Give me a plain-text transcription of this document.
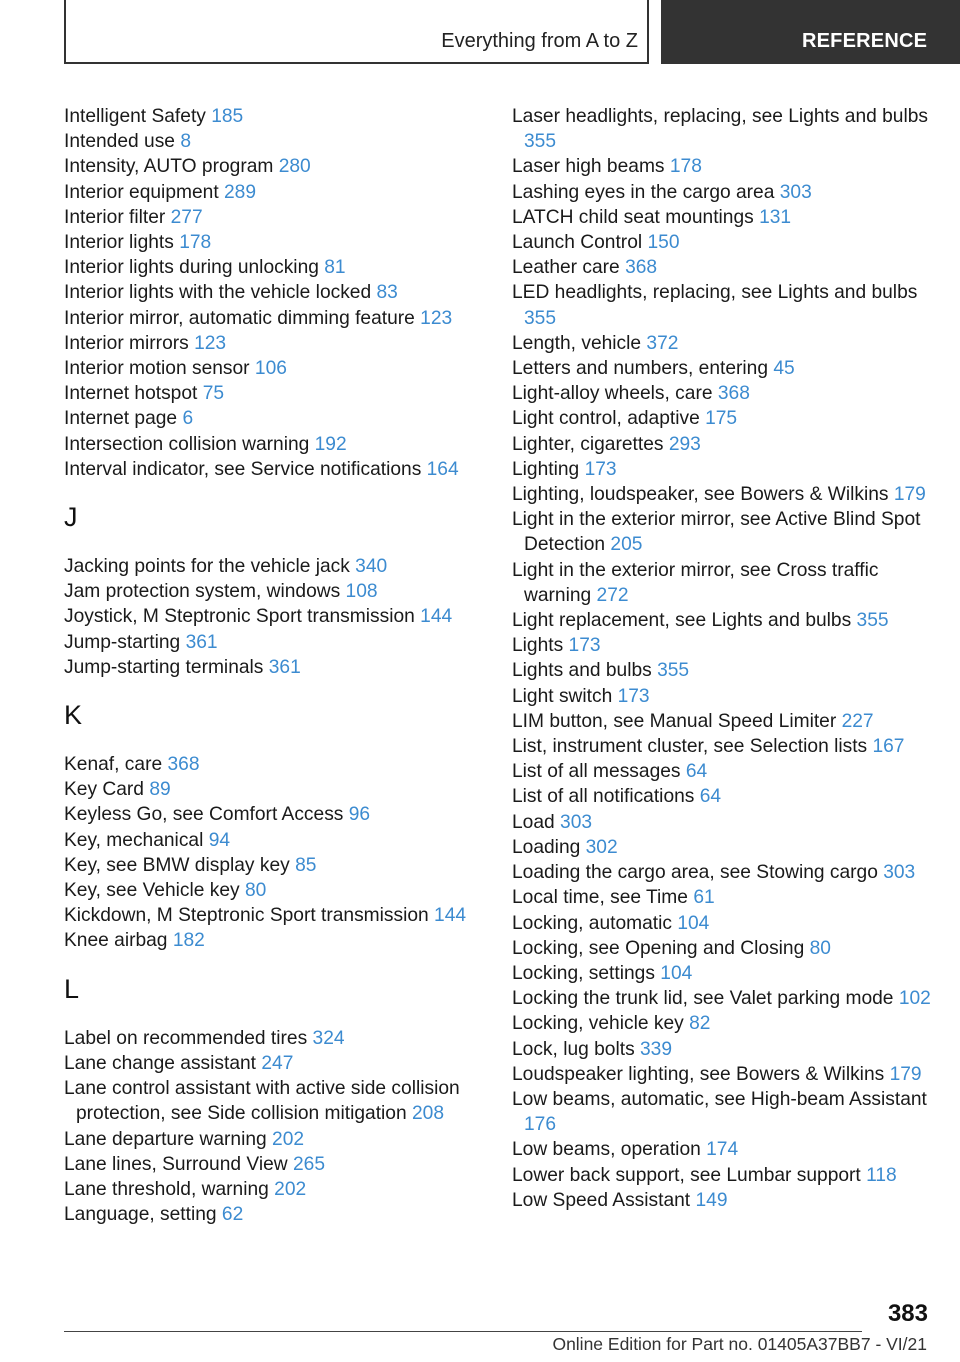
Everything from A to Z	REFERENCE
Intelligent Safety 185
Intended use 8
Intensity, AUTO program 280
Interior equipment 289
Interior filter 277
Interior lights 178
Interior lights during unlocking 81
Interior lights with the vehicle locked 83
Interior mirror, automatic dimming feature 123
Interior mirrors 123
Interior motion sensor 106
Internet hotspot 75
Internet page 6
Intersection collision warning 192
Interval indicator, see Service notifications 164
J
Jacking points for the vehicle jack 340
Jam protection system, windows 108
Joystick, M Steptronic Sport transmission 144
Jump-starting 361
Jump-starting terminals 361
K
Kenaf, care 368
Key Card 89
Keyless Go, see Comfort Access 96
Key, mechanical 94
Key, see BMW display key 85
Key, see Vehicle key 80
Kickdown, M Steptronic Sport transmission 144
Knee airbag 182
L
Label on recommended tires 324
Lane change assistant 247
Lane control assistant with active side collision protection, see Side collision mitigation 208
Lane departure warning 202
Lane lines, Surround View 265
Lane threshold, warning 202
Language, setting 62
Laser headlights, replacing, see Lights and bulbs 355
Laser high beams 178
Lashing eyes in the cargo area 303
LATCH child seat mountings 131
Launch Control 150
Leather care 368
LED headlights, replacing, see Lights and bulbs 355
Length, vehicle 372
Letters and numbers, entering 45
Light-alloy wheels, care 368
Light control, adaptive 175
Lighter, cigarettes 293
Lighting 173
Lighting, loudspeaker, see Bowers & Wilkins 179
Light in the exterior mirror, see Active Blind Spot Detection 205
Light in the exterior mirror, see Cross traffic warning 272
Light replacement, see Lights and bulbs 355
Lights 173
Lights and bulbs 355
Light switch 173
LIM button, see Manual Speed Limiter 227
List, instrument cluster, see Selection lists 167
List of all messages 64
List of all notifications 64
Load 303
Loading 302
Loading the cargo area, see Stowing cargo 303
Local time, see Time 61
Locking, automatic 104
Locking, see Opening and Closing 80
Locking, settings 104
Locking the trunk lid, see Valet parking mode 102
Locking, vehicle key 82
Lock, lug bolts 339
Loudspeaker lighting, see Bowers & Wilkins 179
Low beams, automatic, see High-beam Assistant 176
Low beams, operation 174
Lower back support, see Lumbar support 118
Low Speed Assistant 149
383
Online Edition for Part no. 01405A37BB7 - VI/21
